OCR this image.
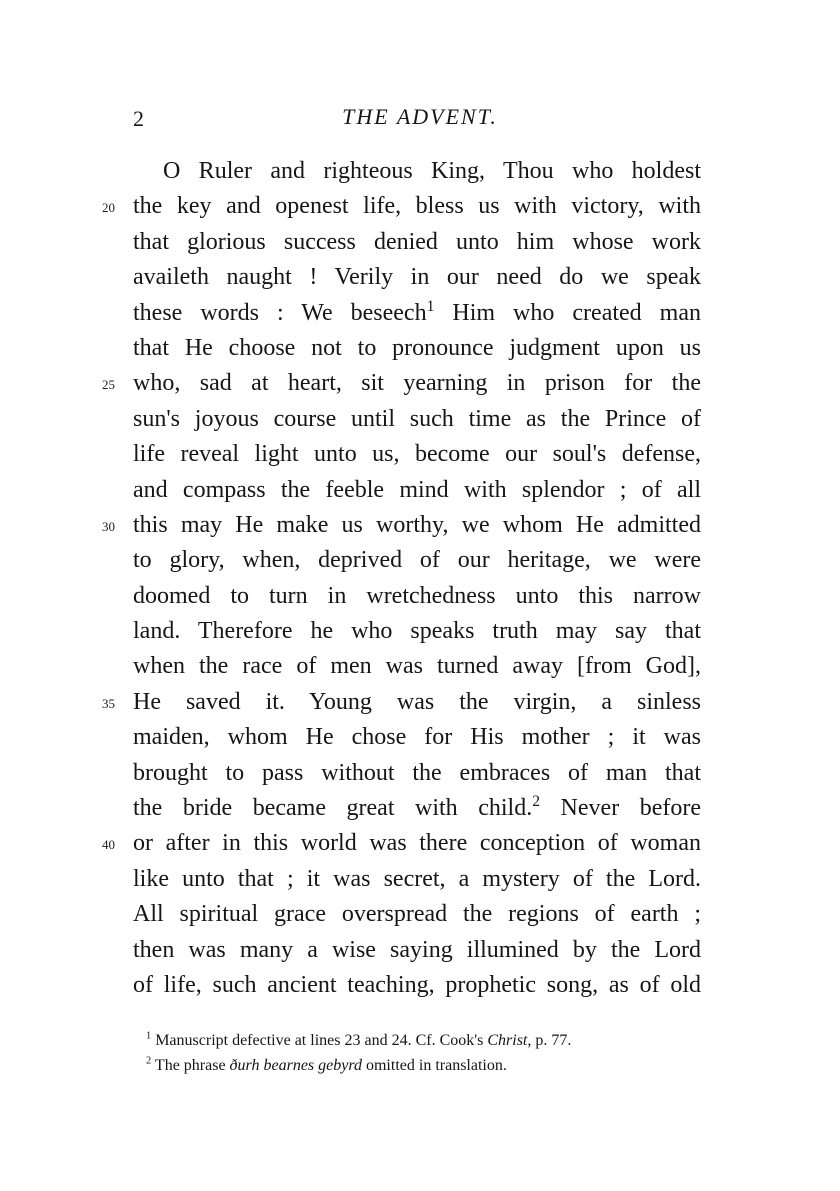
2	THE ADVENT.
O Ruler and righteous King, Thou who holdest
20 the key and openest life, bless us with victory, with
that glorious success denied unto him whose work
availeth naught ! Verily in our need do we speak
these words : We beseech$^1$ Him who created man
that He choose not to pronounce judgment upon us
25 who, sad at heart, sit yearning in prison for the
sun's joyous course until such time as the Prince of
life reveal light unto us, become our soul's defense,
and compass the feeble mind with splendor ; of all
30 this may He make us worthy, we whom He admitted
to glory, when, deprived of our heritage, we were
doomed to turn in wretchedness unto this narrow
land. Therefore he who speaks truth may say that
when the race of men was turned away [from God],
35 He saved it. Young was the virgin, a sinless
maiden, whom He chose for His mother ; it was
brought to pass without the embraces of man that
the bride became great with child.$^2$ Never before
40 or after in this world was there conception of woman
like unto that ; it was secret, a mystery of the Lord.
All spiritual grace overspread the regions of earth ;
then was many a wise saying illumined by the Lord
of life, such ancient teaching, prophetic song, as of old
$^1$ Manuscript defective at lines 23 and 24. Cf. Cook's Christ, p. 77.
$^2$ The phrase ðurh bearnes gebyrd omitted in translation.
